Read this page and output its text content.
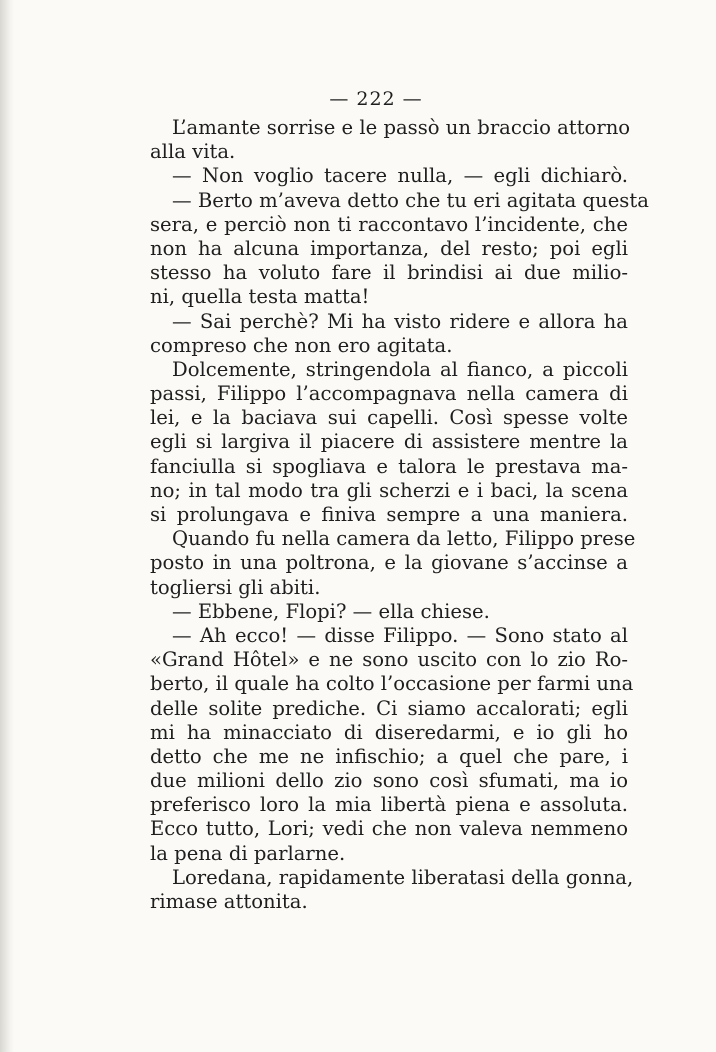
— 222 —
L’amante sorrise e le passò un braccio attorno
alla vita.
— Non voglio tacere nulla, — egli dichiarò.
— Berto m’aveva detto che tu eri agitata questa
sera, e perciò non ti raccontavo l’incidente, che
non ha alcuna importanza, del resto; poi egli
stesso ha voluto fare il brindisi ai due milio-
ni, quella testa matta!
— Sai perchè? Mi ha visto ridere e allora ha
compreso che non ero agitata.
Dolcemente, stringendola al fianco, a piccoli
passi, Filippo l’accompagnava nella camera di
lei, e la baciava sui capelli. Così spesse volte
egli si largiva il piacere di assistere mentre la
fanciulla si spogliava e talora le prestava ma-
no; in tal modo tra gli scherzi e i baci, la scena
si prolungava e finiva sempre a una maniera.
Quando fu nella camera da letto, Filippo prese
posto in una poltrona, e la giovane s’accinse a
togliersi gli abiti.
— Ebbene, Flopi? — ella chiese.
— Ah ecco! — disse Filippo. — Sono stato al
«Grand Hôtel» e ne sono uscito con lo zio Ro-
berto, il quale ha colto l’occasione per farmi una
delle solite prediche. Ci siamo accalorati; egli
mi ha minacciato di diseredarmi, e io gli ho
detto che me ne infischio; a quel che pare, i
due milioni dello zio sono così sfumati, ma io
preferisco loro la mia libertà piena e assoluta.
Ecco tutto, Lori; vedi che non valeva nemmeno
la pena di parlarne.
Loredana, rapidamente liberatasi della gonna,
rimase attonita.
